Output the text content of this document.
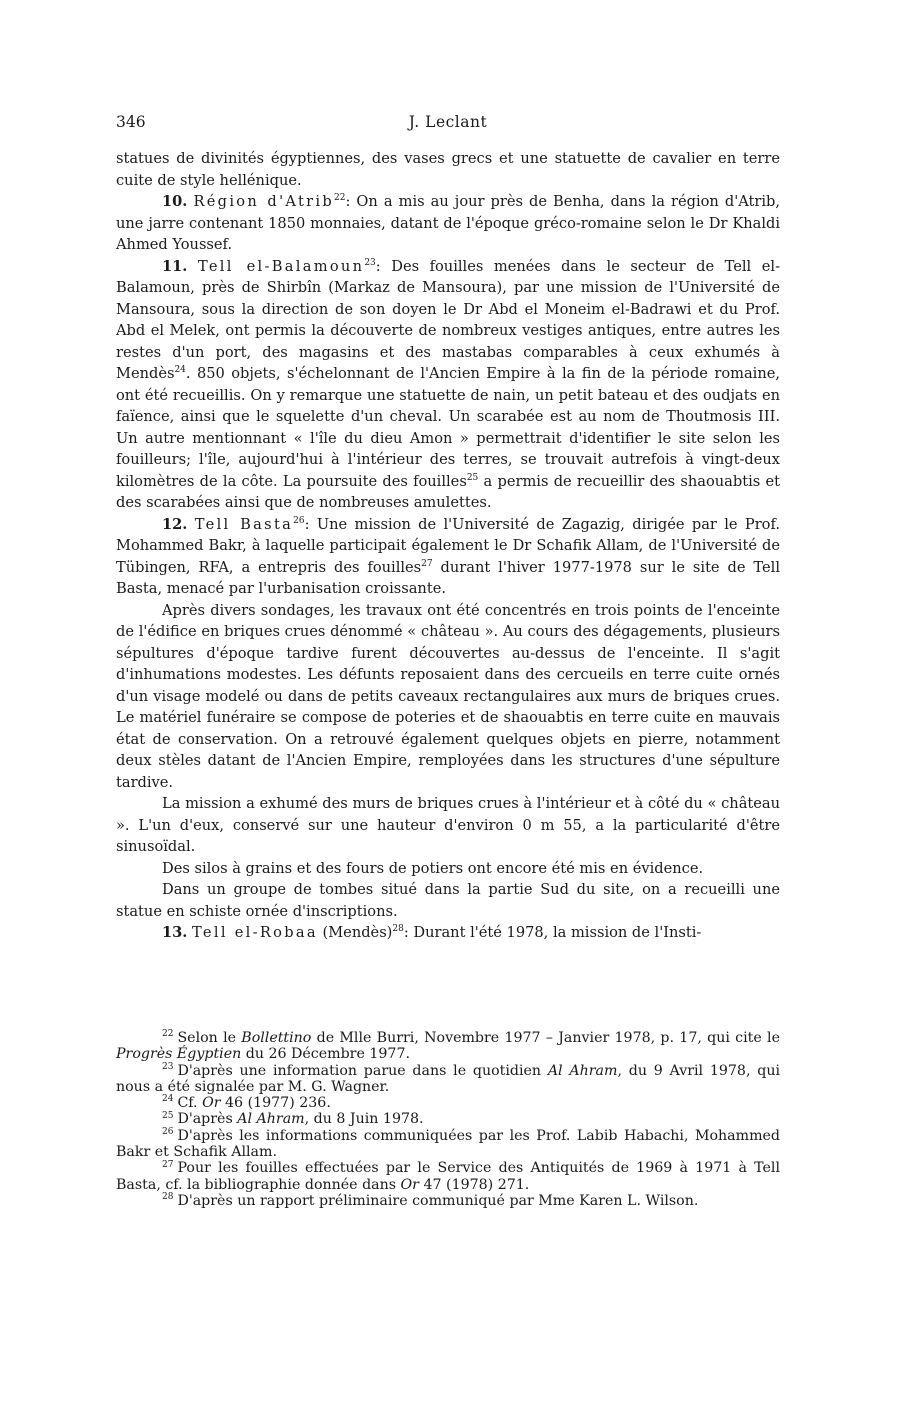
346	J. Leclant

statues de divinités égyptiennes, des vases grecs et une statuette de cavalier en terre cuite de style hellénique.

10. Région d'Atrib$^{22}$: On a mis au jour près de Benha, dans la région d'Atrib, une jarre contenant 1850 monnaies, datant de l'époque gréco-romaine selon le Dr Khaldi Ahmed Youssef.

11. Tell el-Balamoun$^{23}$: Des fouilles menées dans le secteur de Tell el-Balamoun, près de Shirbîn (Markaz de Mansoura), par une mission de l'Université de Mansoura, sous la direction de son doyen le Dr Abd el Moneim el-Badrawi et du Prof. Abd el Melek, ont permis la découverte de nombreux vestiges antiques, entre autres les restes d'un port, des magasins et des mastabas comparables à ceux exhumés à Mendès$^{24}$. 850 objets, s'échelonnant de l'Ancien Empire à la fin de la période romaine, ont été recueillis. On y remarque une statuette de nain, un petit bateau et des oudjats en faïence, ainsi que le squelette d'un cheval. Un scarabée est au nom de Thoutmosis III. Un autre mentionnant « l'île du dieu Amon » permettrait d'identifier le site selon les fouilleurs; l'île, aujourd'hui à l'intérieur des terres, se trouvait autrefois à vingt-deux kilomètres de la côte. La poursuite des fouilles$^{25}$ a permis de recueillir des shaouabtis et des scarabées ainsi que de nombreuses amulettes.

12. Tell Basta$^{26}$: Une mission de l'Université de Zagazig, dirigée par le Prof. Mohammed Bakr, à laquelle participait également le Dr Schafik Allam, de l'Université de Tübingen, RFA, a entrepris des fouilles$^{27}$ durant l'hiver 1977-1978 sur le site de Tell Basta, menacé par l'urbanisation croissante.

Après divers sondages, les travaux ont été concentrés en trois points de l'enceinte de l'édifice en briques crues dénommé « château ». Au cours des dégagements, plusieurs sépultures d'époque tardive furent découvertes au-dessus de l'enceinte. Il s'agit d'inhumations modestes. Les défunts reposaient dans des cercueils en terre cuite ornés d'un visage modelé ou dans de petits caveaux rectangulaires aux murs de briques crues. Le matériel funéraire se compose de poteries et de shaouabtis en terre cuite en mauvais état de conservation. On a retrouvé également quelques objets en pierre, notamment deux stèles datant de l'Ancien Empire, remployées dans les structures d'une sépulture tardive.

La mission a exhumé des murs de briques crues à l'intérieur et à côté du « château ». L'un d'eux, conservé sur une hauteur d'environ 0 m 55, a la particularité d'être sinusoïdal.

Des silos à grains et des fours de potiers ont encore été mis en évidence.

Dans un groupe de tombes situé dans la partie Sud du site, on a recueilli une statue en schiste ornée d'inscriptions.

13. Tell el-Robaa (Mendès)$^{28}$: Durant l'été 1978, la mission de l'Insti-

$^{22}$ Selon le Bollettino de Mlle Burri, Novembre 1977 – Janvier 1978, p. 17, qui cite le Progrès Égyptien du 26 Décembre 1977.

$^{23}$ D'après une information parue dans le quotidien Al Ahram, du 9 Avril 1978, qui nous a été signalée par M. G. Wagner.

$^{24}$ Cf. Or 46 (1977) 236.

$^{25}$ D'après Al Ahram, du 8 Juin 1978.

$^{26}$ D'après les informations communiquées par les Prof. Labib Habachi, Mohammed Bakr et Schafik Allam.

$^{27}$ Pour les fouilles effectuées par le Service des Antiquités de 1969 à 1971 à Tell Basta, cf. la bibliographie donnée dans Or 47 (1978) 271.

$^{28}$ D'après un rapport préliminaire communiqué par Mme Karen L. Wilson.
